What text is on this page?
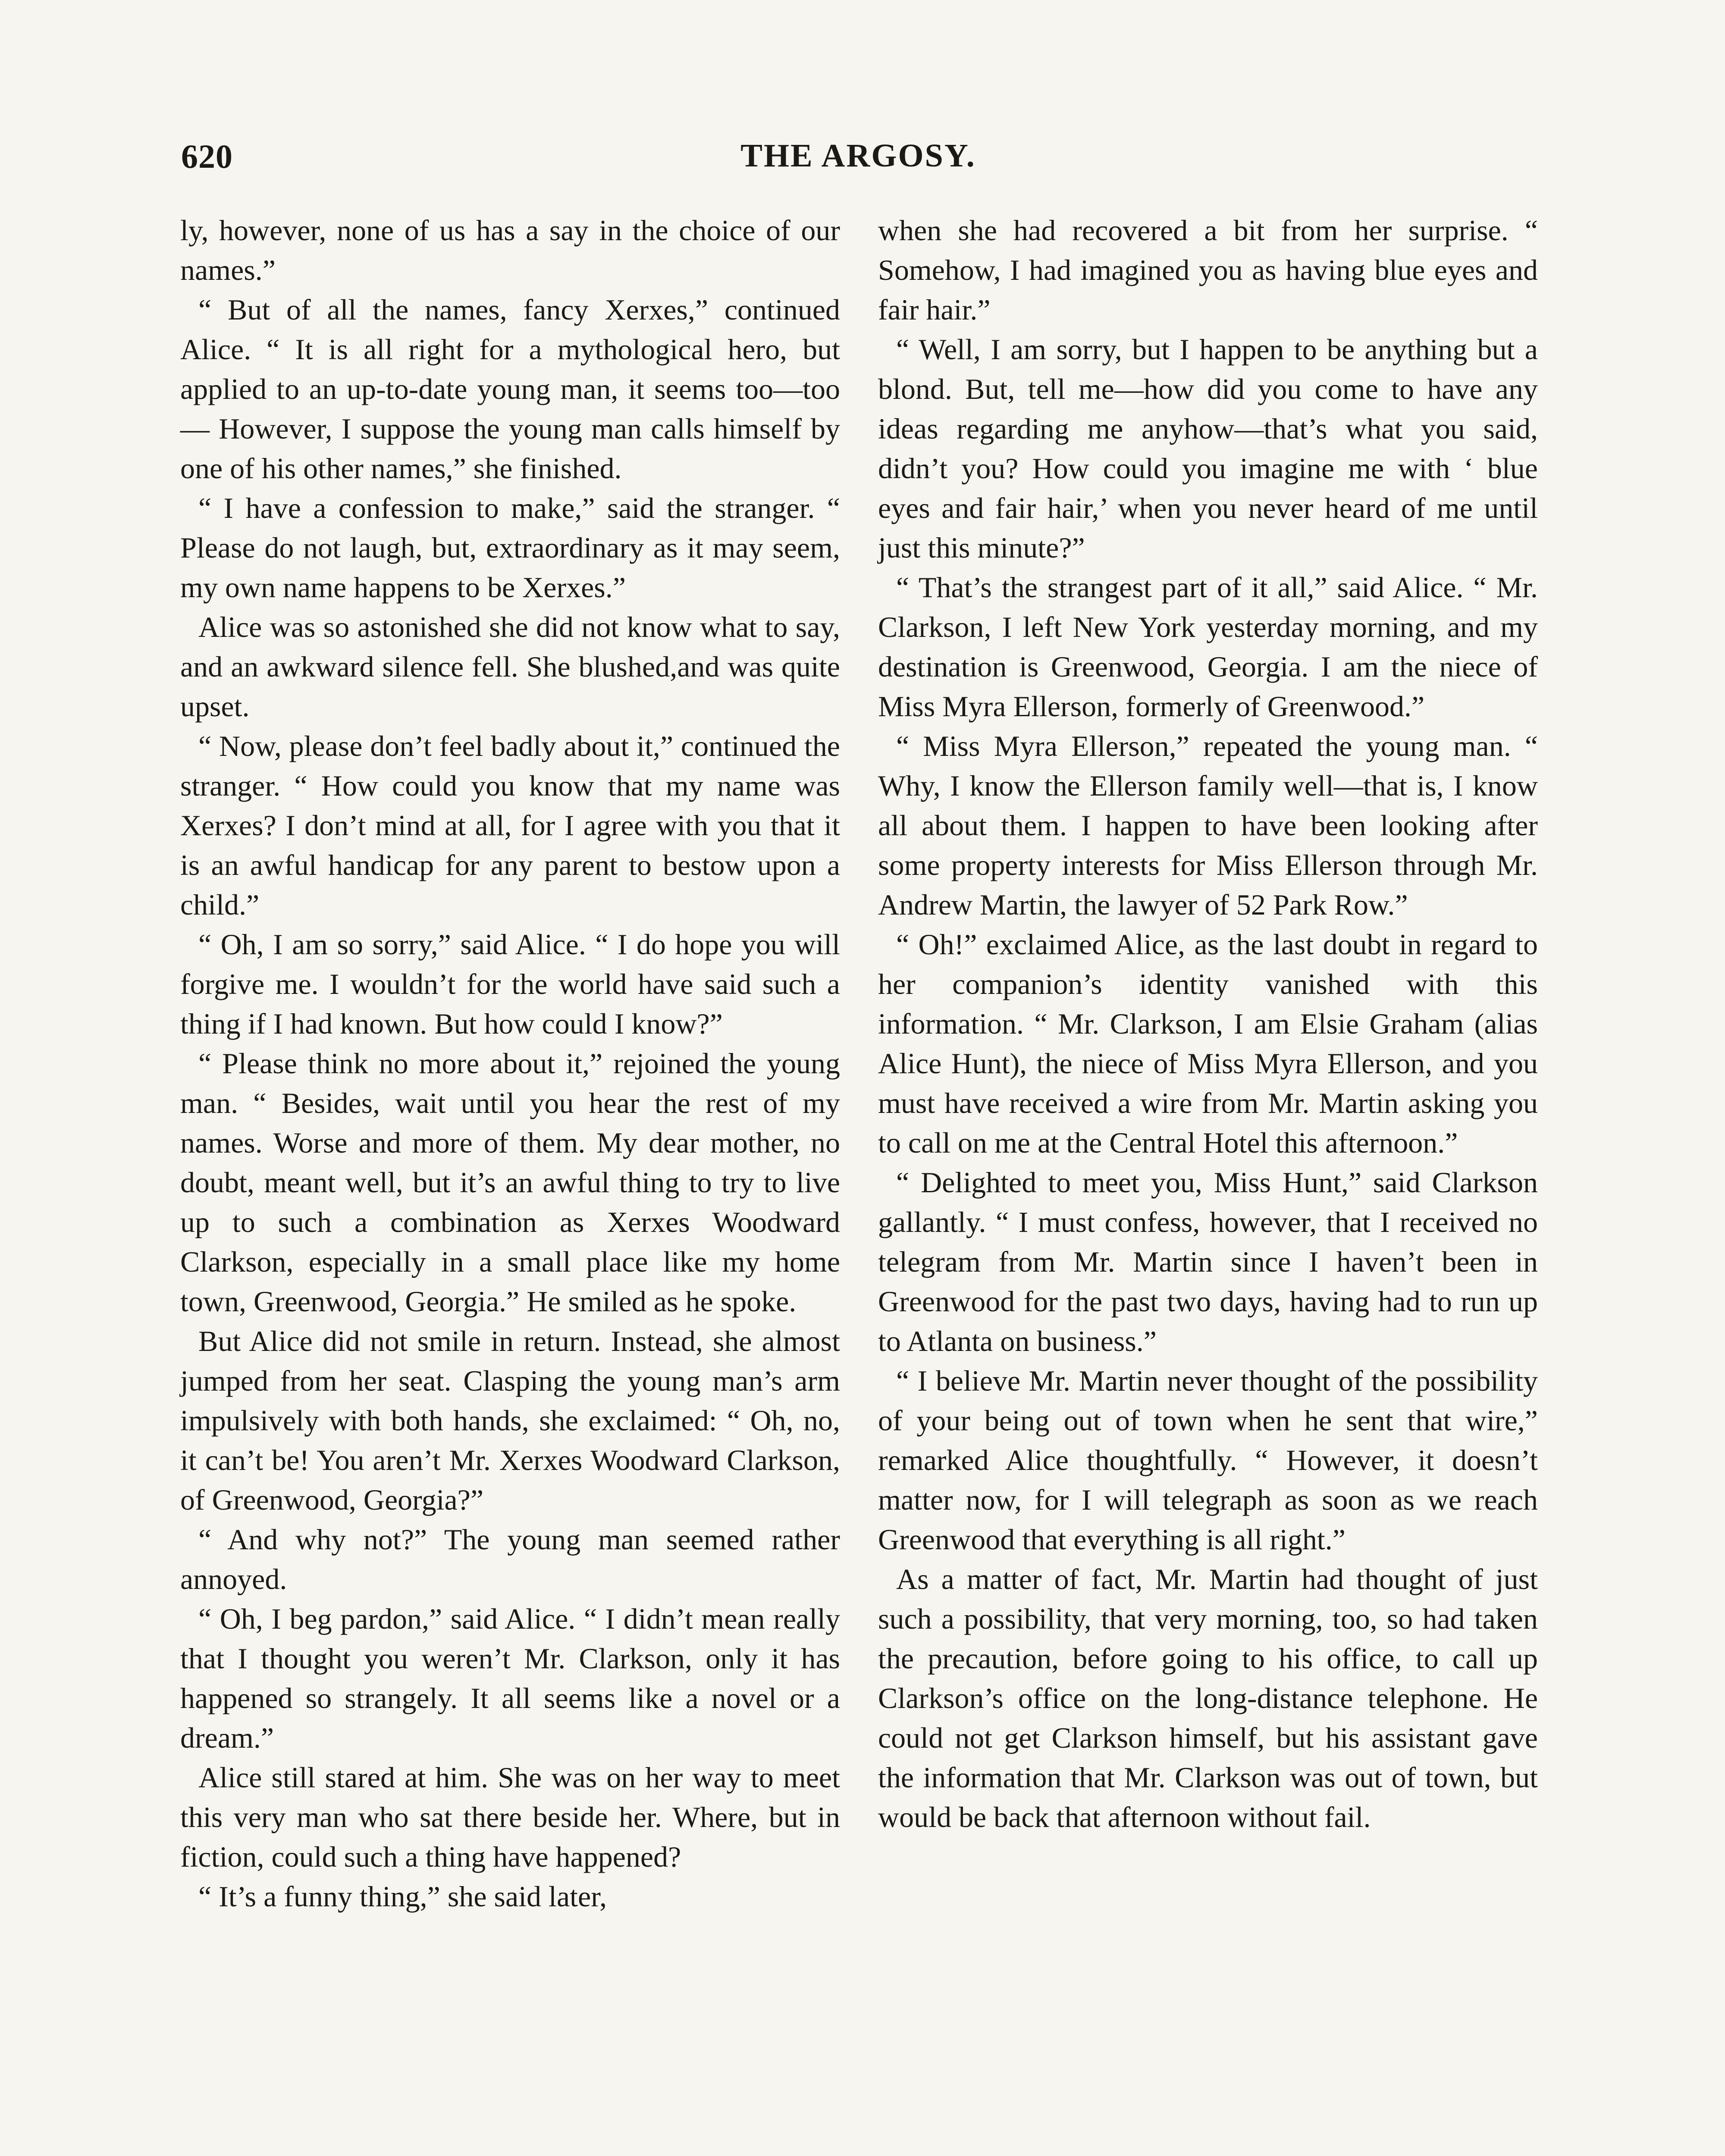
620	THE ARGOSY.

ly, however, none of us has a say in the choice of our names.”

“ But of all the names, fancy Xerxes,” continued Alice. “ It is all right for a mythological hero, but applied to an up-to-date young man, it seems too—too— However, I suppose the young man calls himself by one of his other names,” she finished.

“ I have a confession to make,” said the stranger. “ Please do not laugh, but, extraordinary as it may seem, my own name happens to be Xerxes.”

Alice was so astonished she did not know what to say, and an awkward silence fell. She blushed,and was quite upset.

“ Now, please don’t feel badly about it,” continued the stranger. “ How could you know that my name was Xerxes? I don’t mind at all, for I agree with you that it is an awful handicap for any parent to bestow upon a child.”

“ Oh, I am so sorry,” said Alice. “ I do hope you will forgive me. I wouldn’t for the world have said such a thing if I had known. But how could I know?”

“ Please think no more about it,” rejoined the young man. “ Besides, wait until you hear the rest of my names. Worse and more of them. My dear mother, no doubt, meant well, but it’s an awful thing to try to live up to such a combination as Xerxes Woodward Clarkson, especially in a small place like my home town, Greenwood, Georgia.” He smiled as he spoke.

But Alice did not smile in return. Instead, she almost jumped from her seat. Clasping the young man’s arm impulsively with both hands, she exclaimed: “ Oh, no, it can’t be! You aren’t Mr. Xerxes Woodward Clarkson, of Greenwood, Georgia?”

“ And why not?” The young man seemed rather annoyed.

“ Oh, I beg pardon,” said Alice. “ I didn’t mean really that I thought you weren’t Mr. Clarkson, only it has happened so strangely. It all seems like a novel or a dream.”

Alice still stared at him. She was on her way to meet this very man who sat there beside her. Where, but in fiction, could such a thing have happened?

“ It’s a funny thing,” she said later,

when she had recovered a bit from her surprise. “ Somehow, I had imagined you as having blue eyes and fair hair.”

“ Well, I am sorry, but I happen to be anything but a blond. But, tell me—how did you come to have any ideas regarding me anyhow—that’s what you said, didn’t you? How could you imagine me with ‘ blue eyes and fair hair,’ when you never heard of me until just this minute?”

“ That’s the strangest part of it all,” said Alice. “ Mr. Clarkson, I left New York yesterday morning, and my destination is Greenwood, Georgia. I am the niece of Miss Myra Ellerson, formerly of Greenwood.”

“ Miss Myra Ellerson,” repeated the young man. “ Why, I know the Ellerson family well—that is, I know all about them. I happen to have been looking after some property interests for Miss Ellerson through Mr. Andrew Martin, the lawyer of 52 Park Row.”

“ Oh!” exclaimed Alice, as the last doubt in regard to her companion’s identity vanished with this information. “ Mr. Clarkson, I am Elsie Graham (alias Alice Hunt), the niece of Miss Myra Ellerson, and you must have received a wire from Mr. Martin asking you to call on me at the Central Hotel this afternoon.”

“ Delighted to meet you, Miss Hunt,” said Clarkson gallantly. “ I must confess, however, that I received no telegram from Mr. Martin since I haven’t been in Greenwood for the past two days, having had to run up to Atlanta on business.”

“ I believe Mr. Martin never thought of the possibility of your being out of town when he sent that wire,” remarked Alice thoughtfully. “ However, it doesn’t matter now, for I will telegraph as soon as we reach Greenwood that everything is all right.”

As a matter of fact, Mr. Martin had thought of just such a possibility, that very morning, too, so had taken the precaution, before going to his office, to call up Clarkson’s office on the long-distance telephone. He could not get Clarkson himself, but his assistant gave the information that Mr. Clarkson was out of town, but would be back that afternoon without fail.
